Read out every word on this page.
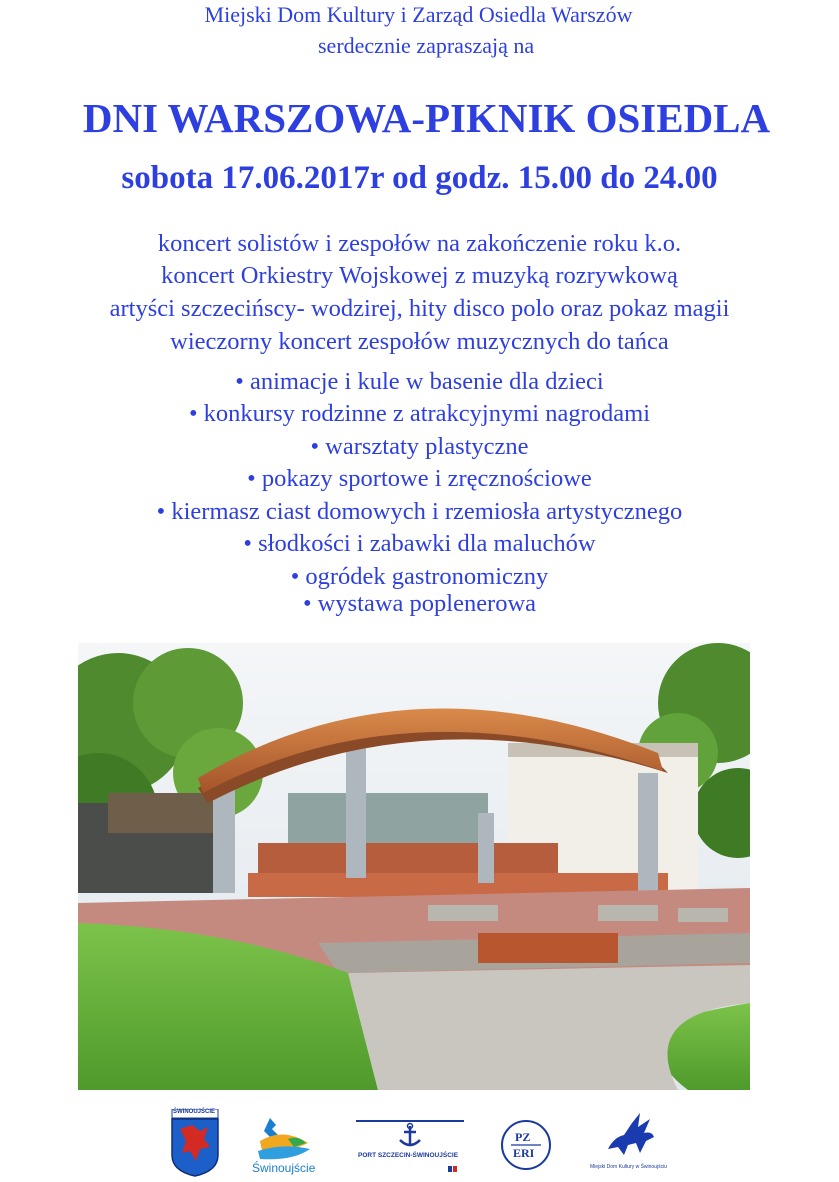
Miejski Dom Kultury i Zarząd Osiedla Warszów
serdecznie zapraszają na
DNI WARSZOWA-PIKNIK OSIEDLA
sobota 17.06.2017r od godz. 15.00 do 24.00
koncert solistów i zespołów na zakończenie roku k.o.
koncert Orkiestry Wojskowej z muzyką rozrywkową
artyści szczecińscy- wodzirej, hity disco polo oraz pokaz magii
wieczorny koncert zespołów muzycznych do tańca
• animacje i kule w basenie dla dzieci
• konkursy rodzinne z atrakcyjnymi nagrodami
• warsztaty plastyczne
• pokazy sportowe i zręcznościowe
• kiermasz ciast domowych i rzemiosła artystycznego
• słodkości i zabawki dla maluchów
• ogródek gastronomiczny
• wystawa poplenerowa
ŚWINOUJŚCIE
Świnoujście
PORT SZCZECIN-ŚWINOUJŚCIE
PZ
ERI
Miejski Dom Kultury w Świnoujściu
